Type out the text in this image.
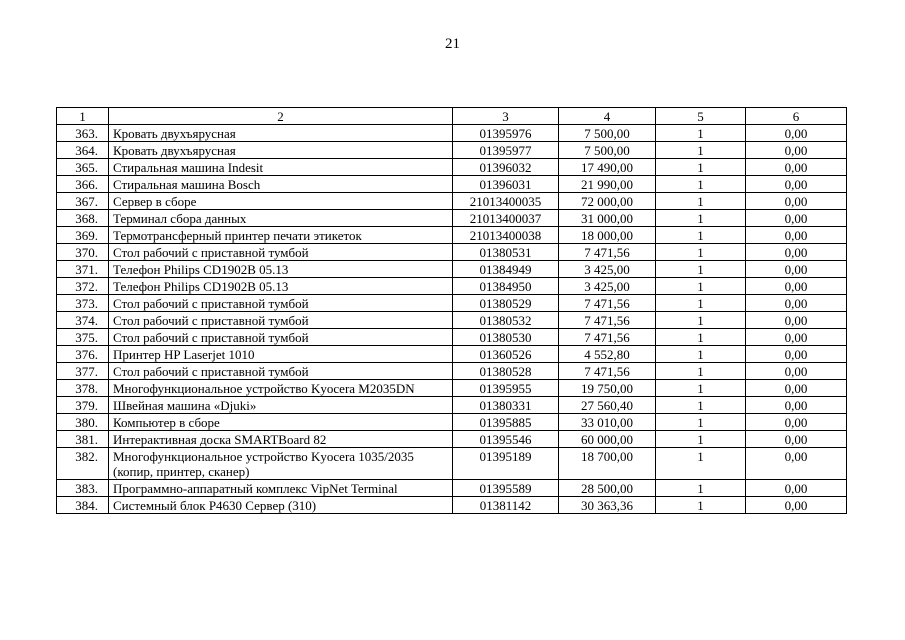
21
1	2	3	4	5	6
363.	Кровать двухъярусная	01395976	7 500,00	1	0,00
364.	Кровать двухъярусная	01395977	7 500,00	1	0,00
365.	Стиральная машина Indesit	01396032	17 490,00	1	0,00
366.	Стиральная машина Bosch	01396031	21 990,00	1	0,00
367.	Сервер в сборе	21013400035	72 000,00	1	0,00
368.	Терминал сбора данных	21013400037	31 000,00	1	0,00
369.	Термотрансферный принтер печати этикеток	21013400038	18 000,00	1	0,00
370.	Стол рабочий с приставной тумбой	01380531	7 471,56	1	0,00
371.	Телефон Philips CD1902B 05.13	01384949	3 425,00	1	0,00
372.	Телефон Philips CD1902B 05.13	01384950	3 425,00	1	0,00
373.	Стол рабочий с приставной тумбой	01380529	7 471,56	1	0,00
374.	Стол рабочий с приставной тумбой	01380532	7 471,56	1	0,00
375.	Стол рабочий с приставной тумбой	01380530	7 471,56	1	0,00
376.	Принтер HP Laserjet 1010	01360526	4 552,80	1	0,00
377.	Стол рабочий с приставной тумбой	01380528	7 471,56	1	0,00
378.	Многофункциональное устройство Kyocera M2035DN	01395955	19 750,00	1	0,00
379.	Швейная машина «Djuki»	01380331	27 560,40	1	0,00
380.	Компьютер в сборе	01395885	33 010,00	1	0,00
381.	Интерактивная доска SMARTBoard 82	01395546	60 000,00	1	0,00
382.	Многофункциональное устройство Kyocera 1035/2035 (копир, принтер, сканер)	01395189	18 700,00	1	0,00
383.	Программно-аппаратный комплекс VipNet Terminal	01395589	28 500,00	1	0,00
384.	Системный блок P4630 Сервер (310)	01381142	30 363,36	1	0,00
